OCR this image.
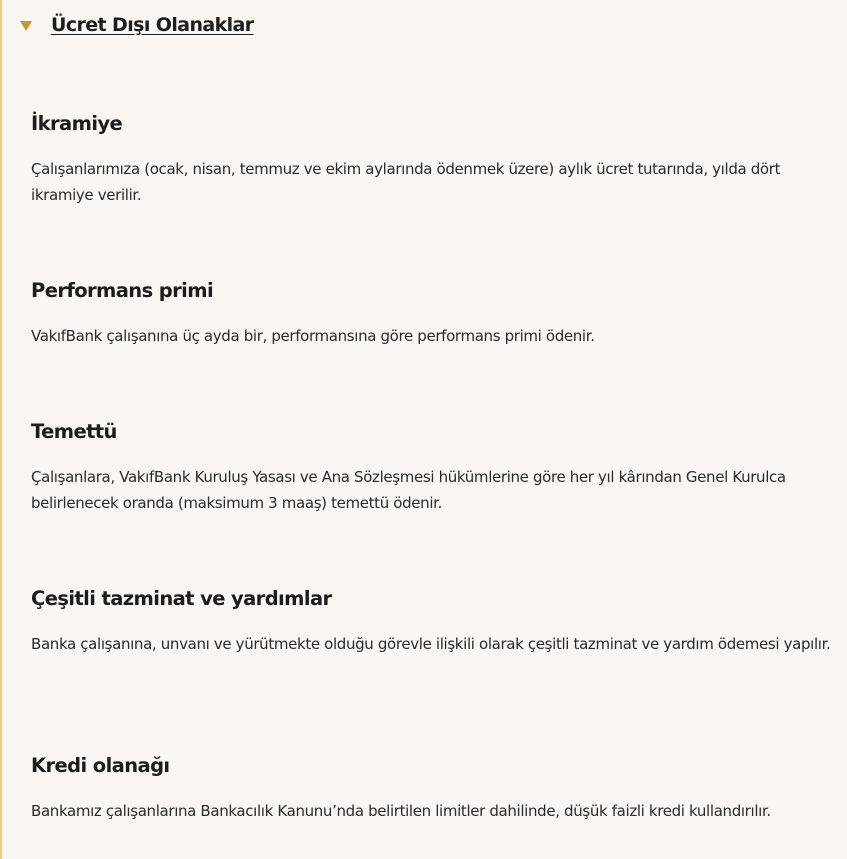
Ücret Dışı Olanaklar
İkramiye

Çalışanlarımıza (ocak, nisan, temmuz ve ekim aylarında ödenmek üzere) aylık ücret tutarında, yılda dört ikramiye verilir.

Performans primi

VakıfBank çalışanına üç ayda bir, performansına göre performans primi ödenir.

Temettü

Çalışanlara, VakıfBank Kuruluş Yasası ve Ana Sözleşmesi hükümlerine göre her yıl kârından Genel Kurulca belirlenecek oranda (maksimum 3 maaş) temettü ödenir.

Çeşitli tazminat ve yardımlar

Banka çalışanına, unvanı ve yürütmekte olduğu görevle ilişkili olarak çeşitli tazminat ve yardım ödemesi yapılır.

Kredi olanağı

Bankamız çalışanlarına Bankacılık Kanunu’nda belirtilen limitler dahilinde, düşük faizli kredi kullandırılır.
